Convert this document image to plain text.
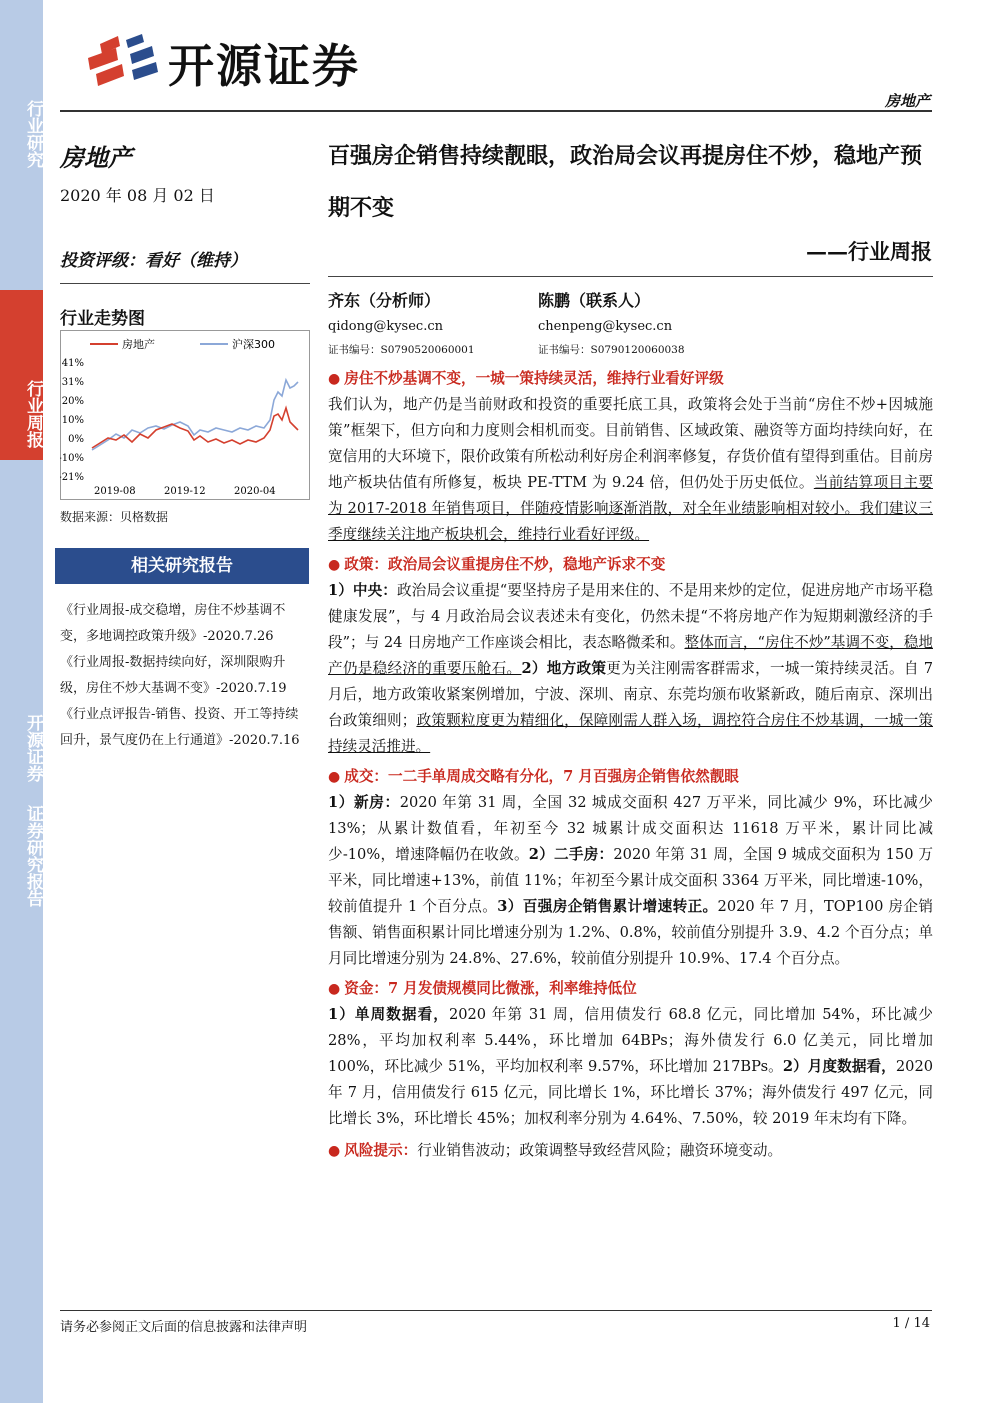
行业研究
行业周报
开源证券
证券研究报告
开源证券
房地产
房地产
2020 年 08 月 02 日
投资评级：看好（维持）
行业走势图
房地产	沪深300
41%
31%
20%
10%
0%
-10%
-21%
2019-08	2019-12	2020-04
数据来源：贝格数据
相关研究报告
《行业周报-成交稳增，房住不炒基调不变，多地调控政策升级》-2020.7.26
《行业周报-数据持续向好，深圳限购升级，房住不炒大基调不变》-2020.7.19
《行业点评报告-销售、投资、开工等持续回升，景气度仍在上行通道》-2020.7.16
百强房企销售持续靓眼，政治局会议再提房住不炒，稳地产预期不变
——行业周报
齐东（分析师）
qidong@kysec.cn
证书编号：S0790520060001
陈鹏（联系人）
chenpeng@kysec.cn
证书编号：S0790120060038
● 房住不炒基调不变，一城一策持续灵活，维持行业看好评级

我们认为，地产仍是当前财政和投资的重要托底工具，政策将会处于当前“房住不炒+因城施策”框架下，但方向和力度则会相机而变。目前销售、区域政策、融资等方面均持续向好，在宽信用的大环境下，限价政策有所松动利好房企利润率修复，存货价值有望得到重估。目前房地产板块估值有所修复，板块 PE-TTM 为 9.24 倍，但仍处于历史低位。当前结算项目主要为 2017-2018 年销售项目，伴随疫情影响逐渐消散，对全年业绩影响相对较小。我们建议三季度继续关注地产板块机会，维持行业看好评级。

● 政策：政治局会议重提房住不炒，稳地产诉求不变

1）中央：政治局会议重提“要坚持房子是用来住的、不是用来炒的定位，促进房地产市场平稳健康发展”，与 4 月政治局会议表述未有变化，仍然未提“不将房地产作为短期刺激经济的手段”；与 24 日房地产工作座谈会相比，表态略微柔和。整体而言，“房住不炒”基调不变，稳地产仍是稳经济的重要压舱石。2）地方政策更为关注刚需客群需求，一城一策持续灵活。自 7 月后，地方政策收紧案例增加，宁波、深圳、南京、东莞均颁布收紧新政，随后南京、深圳出台政策细则；政策颗粒度更为精细化，保障刚需人群入场，调控符合房住不炒基调，一城一策持续灵活推进。

● 成交：一二手单周成交略有分化，7 月百强房企销售依然靓眼

1）新房：2020 年第 31 周，全国 32 城成交面积 427 万平米，同比减少 9%，环比减少 13%；从累计数值看，年初至今 32 城累计成交面积达 11618 万平米，累计同比减少-10%，增速降幅仍在收敛。2）二手房：2020 年第 31 周，全国 9 城成交面积为 150 万平米，同比增速+13%，前值 11%；年初至今累计成交面积 3364 万平米，同比增速-10%，较前值提升 1 个百分点。3）百强房企销售累计增速转正。2020 年 7 月，TOP100 房企销售额、销售面积累计同比增速分别为 1.2%、0.8%，较前值分别提升 3.9、4.2 个百分点；单月同比增速分别为 24.8%、27.6%，较前值分别提升 10.9%、17.4 个百分点。

● 资金：7 月发债规模同比微涨，利率维持低位

1）单周数据看，2020 年第 31 周，信用债发行 68.8 亿元，同比增加 54%，环比减少 28%，平均加权利率 5.44%，环比增加 64BPs；海外债发行 6.0 亿美元，同比增加 100%，环比减少 51%，平均加权利率 9.57%，环比增加 217BPs。2）月度数据看，2020 年 7 月，信用债发行 615 亿元，同比增长 1%，环比增长 37%；海外债发行 497 亿元，同比增长 3%，环比增长 45%；加权利率分别为 4.64%、7.50%，较 2019 年末均有下降。

● 风险提示：行业销售波动；政策调整导致经营风险；融资环境变动。

请务必参阅正文后面的信息披露和法律声明	1 / 14
